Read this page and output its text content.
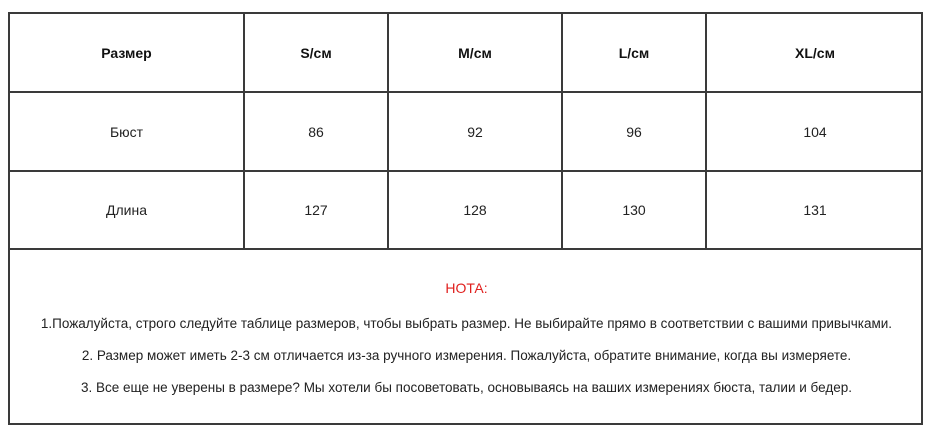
Размер	S/см	M/см	L/см	XL/см
Бюст	86	92	96	104
Длина	127	128	130	131
НОТА:
1.Пожалуйста, строго следуйте таблице размеров, чтобы выбрать размер. Не выбирайте прямо в соответствии с вашими привычками.
2. Размер может иметь 2-3 см отличается из-за ручного измерения. Пожалуйста, обратите внимание, когда вы измеряете.
3. Все еще не уверены в размере? Мы хотели бы посоветовать, основываясь на ваших измерениях бюста, талии и бедер.
